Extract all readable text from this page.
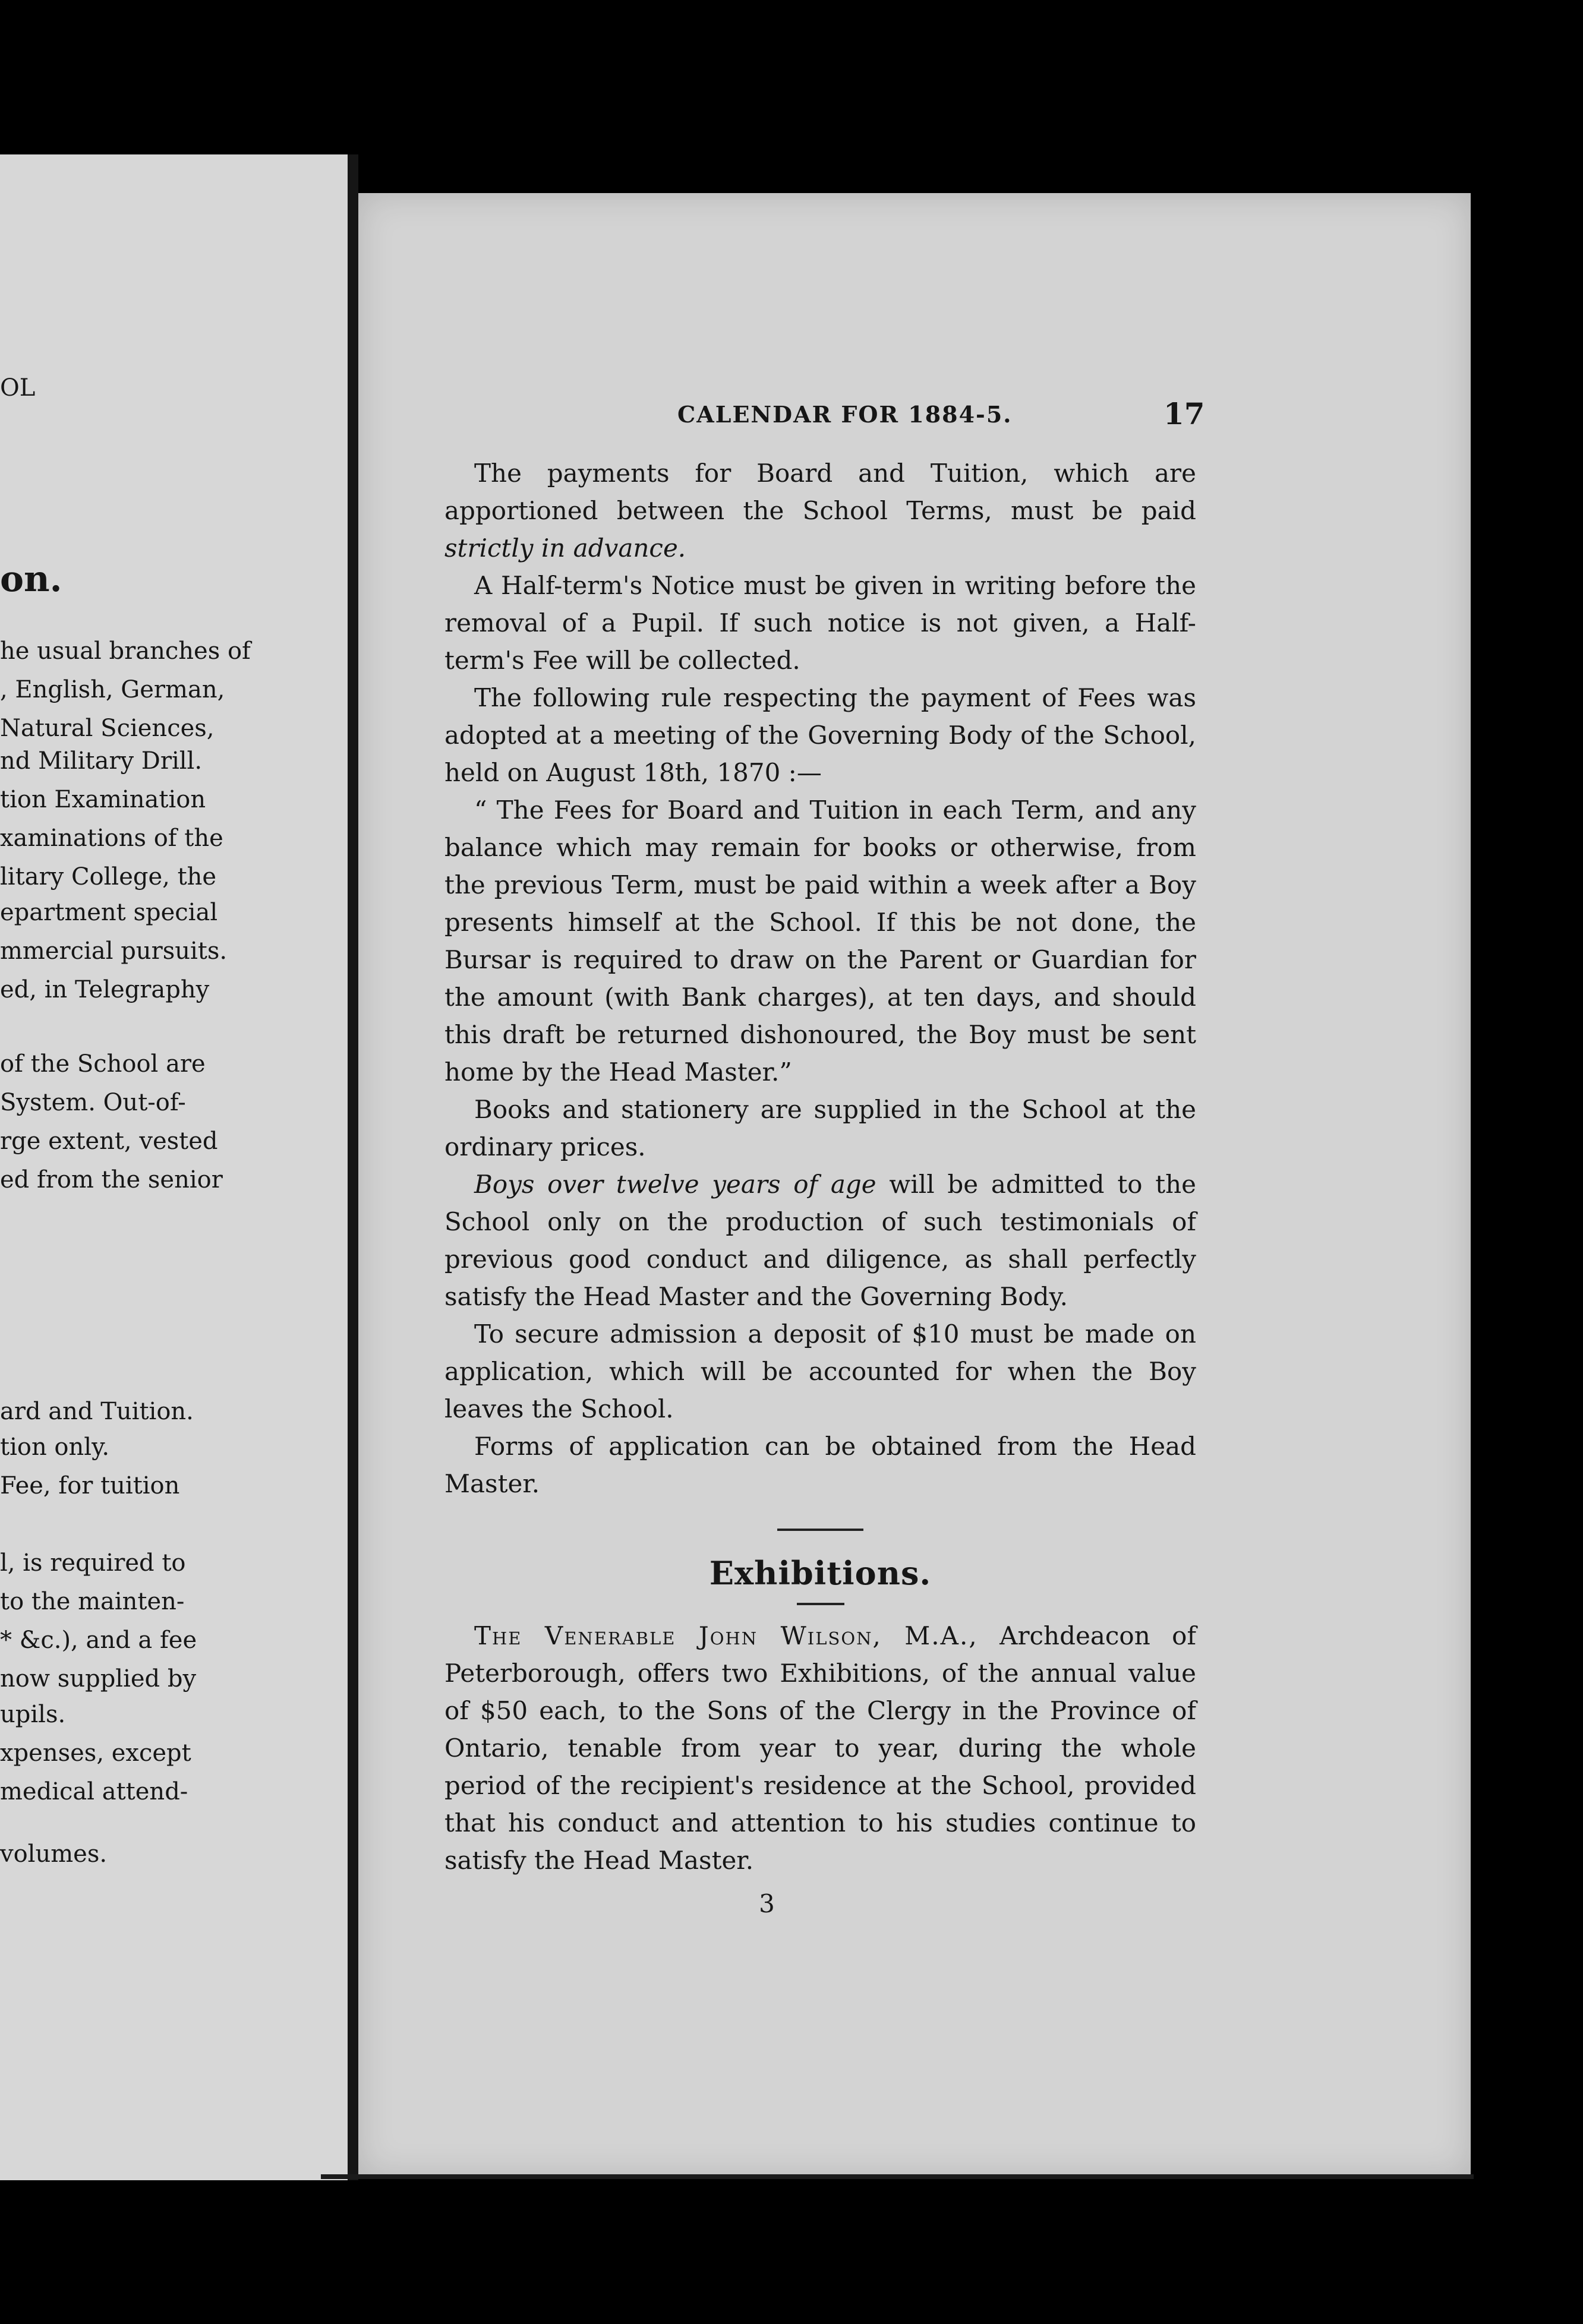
OL
on.
he usual branches of
, English, German,
Natural Sciences,
nd Military Drill.
tion Examination
xaminations of the
litary College, the
epartment special
mmercial pursuits.
ed, in Telegraphy
of the School are
System. Out-of-
rge extent, vested
ed from the senior
ard and Tuition.
tion only.
Fee, for tuition
l, is required to
to the mainten-
* &c.), and a fee
now supplied by
upils.
xpenses, except
medical attend-
volumes.
CALENDAR FOR 1884-5.	17

The payments for Board and Tuition, which are apportioned between the School Terms, must be paid strictly in advance.

A Half-term's Notice must be given in writing before the removal of a Pupil. If such notice is not given, a Half-term's Fee will be collected.

The following rule respecting the payment of Fees was adopted at a meeting of the Governing Body of the School, held on August 18th, 1870 :—

“ The Fees for Board and Tuition in each Term, and any balance which may remain for books or otherwise, from the previous Term, must be paid within a week after a Boy presents himself at the School. If this be not done, the Bursar is required to draw on the Parent or Guardian for the amount (with Bank charges), at ten days, and should this draft be returned dishonoured, the Boy must be sent home by the Head Master.”

Books and stationery are supplied in the School at the ordinary prices.

Boys over twelve years of age will be admitted to the School only on the production of such testimonials of previous good conduct and diligence, as shall perfectly satisfy the Head Master and the Governing Body.

To secure admission a deposit of $10 must be made on application, which will be accounted for when the Boy leaves the School.

Forms of application can be obtained from the Head Master.

Exhibitions.

The Venerable John Wilson, M.A., Archdeacon of Peterborough, offers two Exhibitions, of the annual value of $50 each, to the Sons of the Clergy in the Province of Ontario, tenable from year to year, during the whole period of the recipient's residence at the School, provided that his conduct and attention to his studies continue to satisfy the Head Master.

3
